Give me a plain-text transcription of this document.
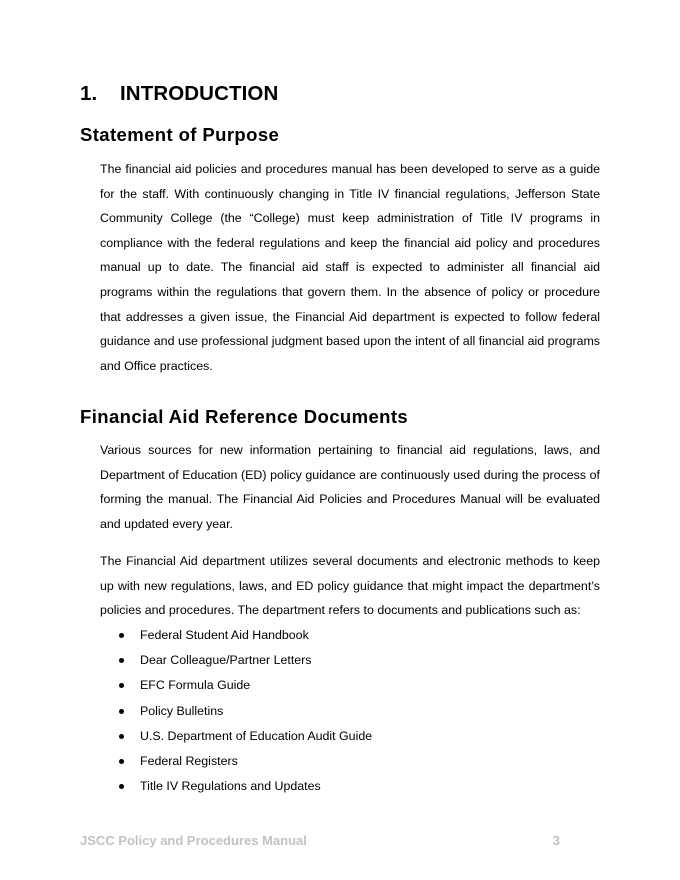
1. INTRODUCTION
Statement of Purpose

The financial aid policies and procedures manual has been developed to serve as a guide for the staff. With continuously changing in Title IV financial regulations, Jefferson State Community College (the “College) must keep administration of Title IV programs in compliance with the federal regulations and keep the financial aid policy and procedures manual up to date. The financial aid staff is expected to administer all financial aid programs within the regulations that govern them. In the absence of policy or procedure that addresses a given issue, the Financial Aid department is expected to follow federal guidance and use professional judgment based upon the intent of all financial aid programs and Office practices.

Financial Aid Reference Documents

Various sources for new information pertaining to financial aid regulations, laws, and Department of Education (ED) policy guidance are continuously used during the process of forming the manual. The Financial Aid Policies and Procedures Manual will be evaluated and updated every year.

The Financial Aid department utilizes several documents and electronic methods to keep up with new regulations, laws, and ED policy guidance that might impact the department’s policies and procedures. The department refers to documents and publications such as:

Federal Student Aid Handbook
Dear Colleague/Partner Letters
EFC Formula Guide
Policy Bulletins
U.S. Department of Education Audit Guide
Federal Registers
Title IV Regulations and Updates
JSCC Policy and Procedures Manual	3
